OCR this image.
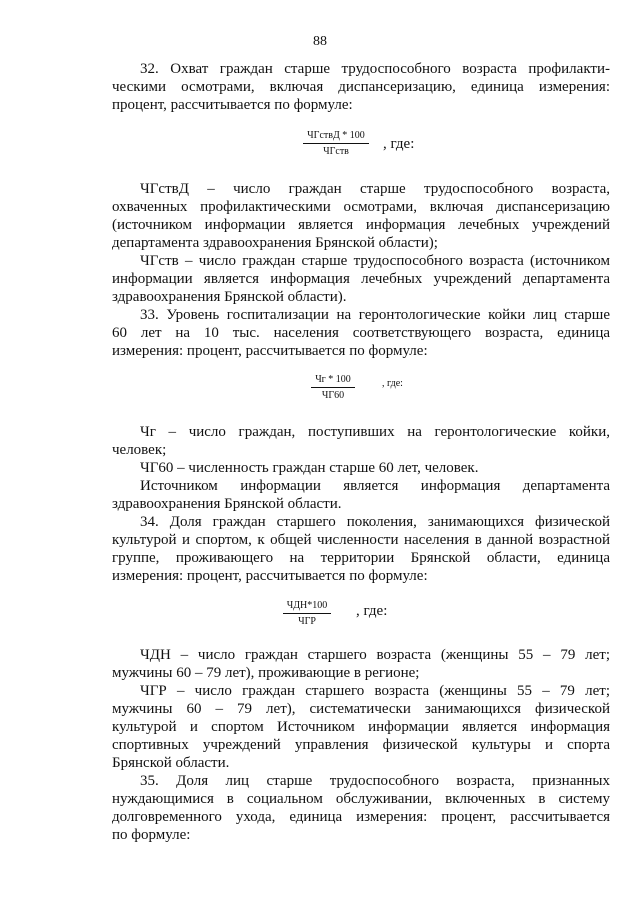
88
32. Охват граждан старше трудоспособного возраста профилакти-
ческими осмотрами, включая диспансеризацию, единица измерения:
процент, рассчитывается по формуле:
ЧГствД * 100
ЧГств	, где:
ЧГствД – число граждан старше трудоспособного возраста,
охваченных профилактическими осмотрами, включая диспансеризацию
(источником информации является информация лечебных учреждений
департамента здравоохранения Брянской области);
ЧГств – число граждан старше трудоспособного возраста (источником
информации является информация лечебных учреждений департамента
здравоохранения Брянской области).
33. Уровень госпитализации на геронтологические койки лиц старше
60 лет на 10 тыс. населения соответствующего возраста, единица
измерения: процент, рассчитывается по формуле:
Чг * 100
ЧГ60
, где:
Чг – число граждан, поступивших на геронтологические койки,
человек;
ЧГ60 – численность граждан старше 60 лет, человек.
Источником информации является информация департамента
здравоохранения Брянской области.
34. Доля граждан старшего поколения, занимающихся физической
культурой и спортом, к общей численности населения в данной возрастной
группе, проживающего на территории Брянской области, единица
измерения: процент, рассчитывается по формуле:
ЧДН*100
ЧГР
, где:
ЧДН – число граждан старшего возраста (женщины 55 – 79 лет;
мужчины 60 – 79 лет), проживающие в регионе;
ЧГР – число граждан старшего возраста (женщины 55 – 79 лет;
мужчины 60 – 79 лет), систематически занимающихся физической
культурой и спортом Источником информации является информация
спортивных учреждений управления физической культуры и спорта
Брянской области.
35. Доля лиц старше трудоспособного возраста, признанных
нуждающимися в социальном обслуживании, включенных в систему
долговременного ухода, единица измерения: процент, рассчитывается
по формуле:
